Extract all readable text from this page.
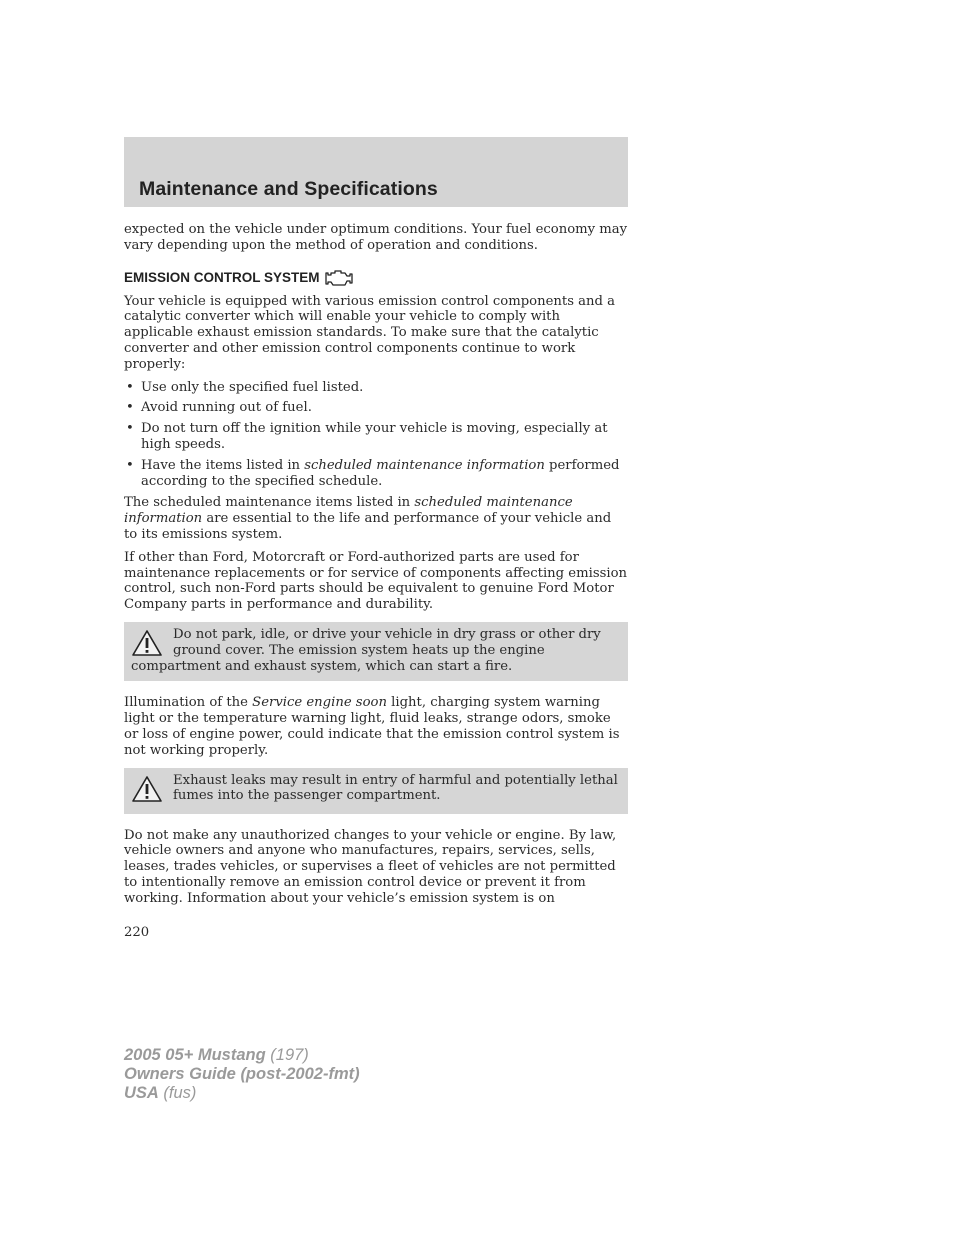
Maintenance and Specifications

expected on the vehicle under optimum conditions. Your fuel economy may vary depending upon the method of operation and conditions.

EMISSION CONTROL SYSTEM

Your vehicle is equipped with various emission control components and a catalytic converter which will enable your vehicle to comply with applicable exhaust emission standards. To make sure that the catalytic converter and other emission control components continue to work properly:

• Use only the specified fuel listed.
• Avoid running out of fuel.
• Do not turn off the ignition while your vehicle is moving, especially at high speeds.
• Have the items listed in scheduled maintenance information performed according to the specified schedule.

The scheduled maintenance items listed in scheduled maintenance information are essential to the life and performance of your vehicle and to its emissions system.

If other than Ford, Motorcraft or Ford-authorized parts are used for maintenance replacements or for service of components affecting emission control, such non-Ford parts should be equivalent to genuine Ford Motor Company parts in performance and durability.

Do not park, idle, or drive your vehicle in dry grass or other dry ground cover. The emission system heats up the engine compartment and exhaust system, which can start a fire.

Illumination of the Service engine soon light, charging system warning light or the temperature warning light, fluid leaks, strange odors, smoke or loss of engine power, could indicate that the emission control system is not working properly.

Exhaust leaks may result in entry of harmful and potentially lethal fumes into the passenger compartment.

Do not make any unauthorized changes to your vehicle or engine. By law, vehicle owners and anyone who manufactures, repairs, services, sells, leases, trades vehicles, or supervises a fleet of vehicles are not permitted to intentionally remove an emission control device or prevent it from working. Information about your vehicle’s emission system is on

220
2005 05+ Mustang (197)
Owners Guide (post-2002-fmt)
USA (fus)
